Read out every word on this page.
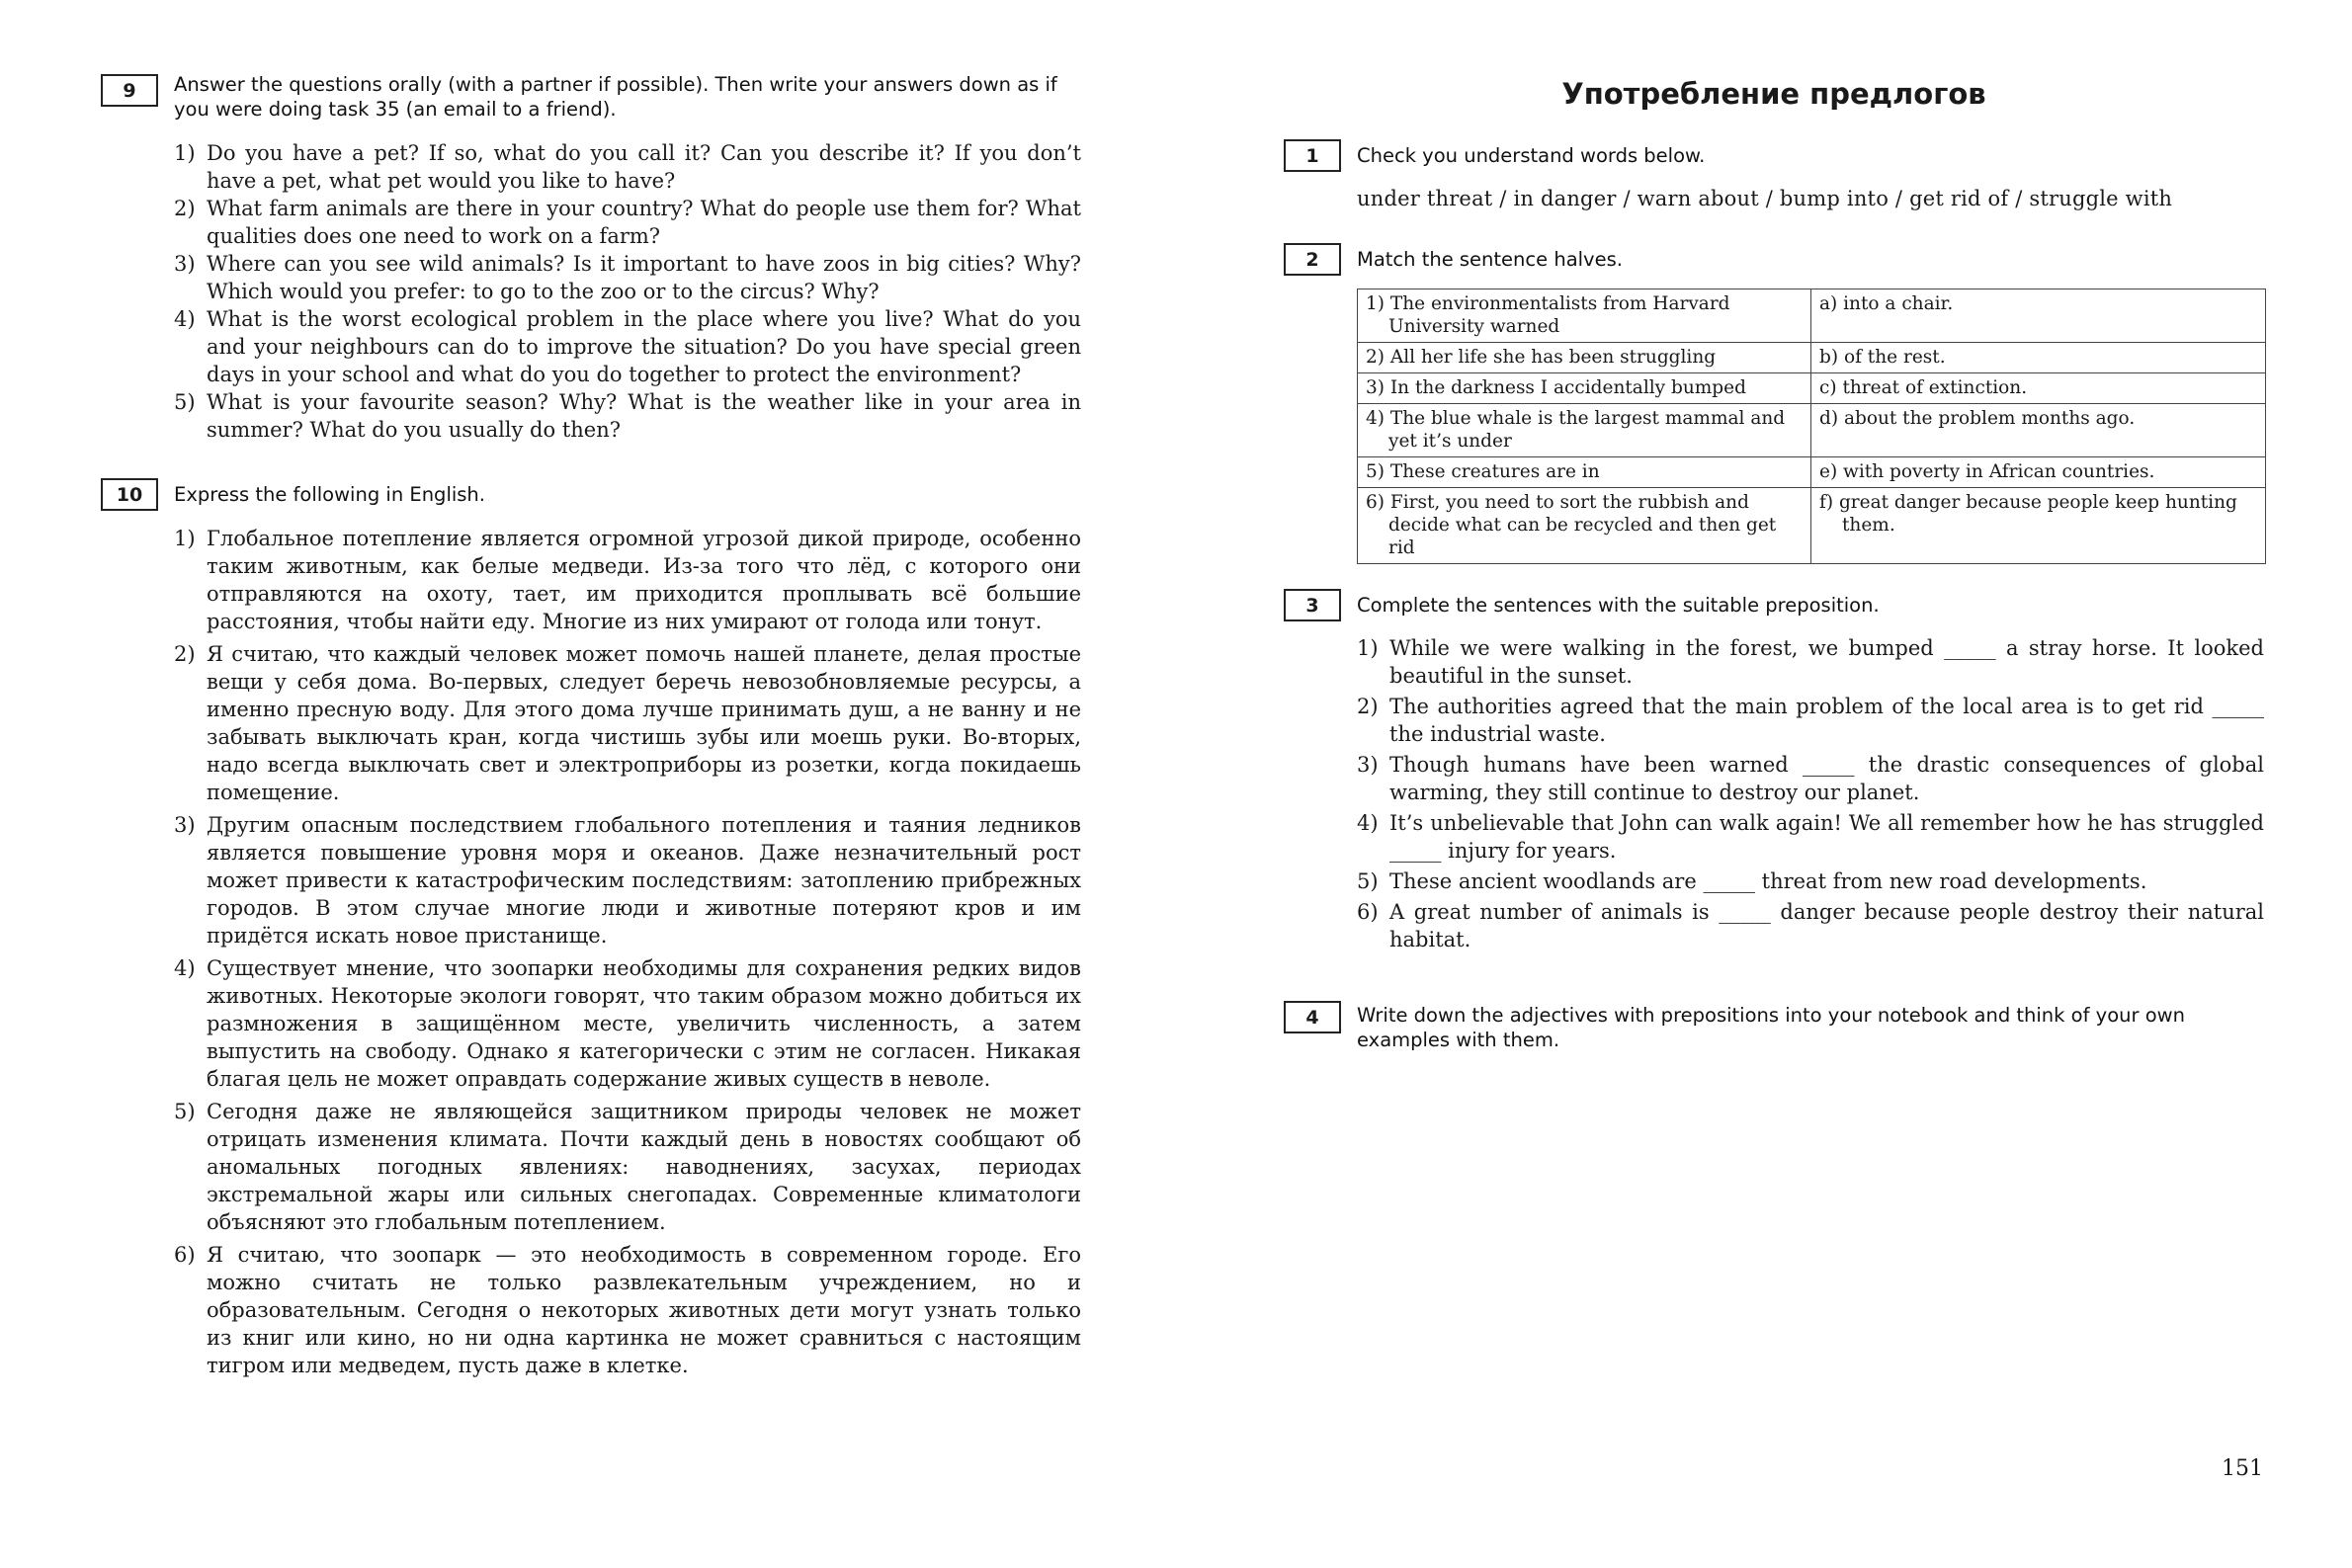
9	Answer the questions orally (with a partner if possible). Then write your answers down as if you were doing task 35 (an email to a friend).
1) Do you have a pet? If so, what do you call it? Can you describe it? If you don’t have a pet, what pet would you like to have?
2) What farm animals are there in your country? What do people use them for? What qualities does one need to work on a farm?
3) Where can you see wild animals? Is it important to have zoos in big cities? Why? Which would you prefer: to go to the zoo or to the circus? Why?
4) What is the worst ecological problem in the place where you live? What do you and your neighbours can do to improve the situation? Do you have special green days in your school and what do you do together to protect the environment?
5) What is your favourite season? Why? What is the weather like in your area in summer? What do you usually do then?
10	Express the following in English.
1) Глобальное потепление является огромной угрозой дикой природе, особенно таким животным, как белые медведи. Из-за того что лёд, с которого они отправляются на охоту, тает, им приходится проплывать всё большие расстояния, чтобы найти еду. Многие из них умирают от голода или тонут.
2) Я считаю, что каждый человек может помочь нашей планете, делая простые вещи у себя дома. Во-первых, следует беречь невозобновляемые ресурсы, а именно пресную воду. Для этого дома лучше принимать душ, а не ванну и не забывать выключать кран, когда чистишь зубы или моешь руки. Во-вторых, надо всегда выключать свет и электроприборы из розетки, когда покидаешь помещение.
3) Другим опасным последствием глобального потепления и таяния ледников является повышение уровня моря и океанов. Даже незначительный рост может привести к катастрофическим последствиям: затоплению прибрежных городов. В этом случае многие люди и животные потеряют кров и им придётся искать новое пристанище.
4) Существует мнение, что зоопарки необходимы для сохранения редких видов животных. Некоторые экологи говорят, что таким образом можно добиться их размножения в защищённом месте, увеличить численность, а затем выпустить на свободу. Однако я категорически с этим не согласен. Никакая благая цель не может оправдать содержание живых существ в неволе.
5) Сегодня даже не являющейся защитником природы человек не может отрицать изменения климата. Почти каждый день в новостях сообщают об аномальных погодных явлениях: наводнениях, засухах, периодах экстремальной жары или сильных снегопадах. Современные климатологи объясняют это глобальным потеплением.
6) Я считаю, что зоопарк — это необходимость в современном городе. Его можно считать не только развлекательным учреждением, но и образовательным. Сегодня о некоторых животных дети могут узнать только из книг или кино, но ни одна картинка не может сравниться с настоящим тигром или медведем, пусть даже в клетке.
Употребление предлогов
1	Check you understand words below.
under threat / in danger / warn about / bump into / get rid of / struggle with
2	Match the sentence halves.
1) The environmentalists from Harvard University warned	a) into a chair.

2) All her life she has been struggling	b) of the rest.

3) In the darkness I accidentally bumped	c) threat of extinction.

4) The blue whale is the largest mammal and yet it’s under	d) about the problem months ago.

5) These creatures are in	e) with poverty in African countries.

6) First, you need to sort the rubbish and decide what can be recycled and then get rid	f) great danger because people keep hunting them.
3	Complete the sentences with the suitable preposition.
1) While we were walking in the forest, we bumped _____ a stray horse. It looked beautiful in the sunset.
2) The authorities agreed that the main problem of the local area is to get rid _____ the industrial waste.
3) Though humans have been warned _____ the drastic consequences of global warming, they still continue to destroy our planet.
4) It’s unbelievable that John can walk again! We all remember how he has struggled _____ injury for years.
5) These ancient woodlands are _____ threat from new road developments.
6) A great number of animals is _____ danger because people destroy their natural habitat.
4	Write down the adjectives with prepositions into your notebook and think of your own examples with them.
151
